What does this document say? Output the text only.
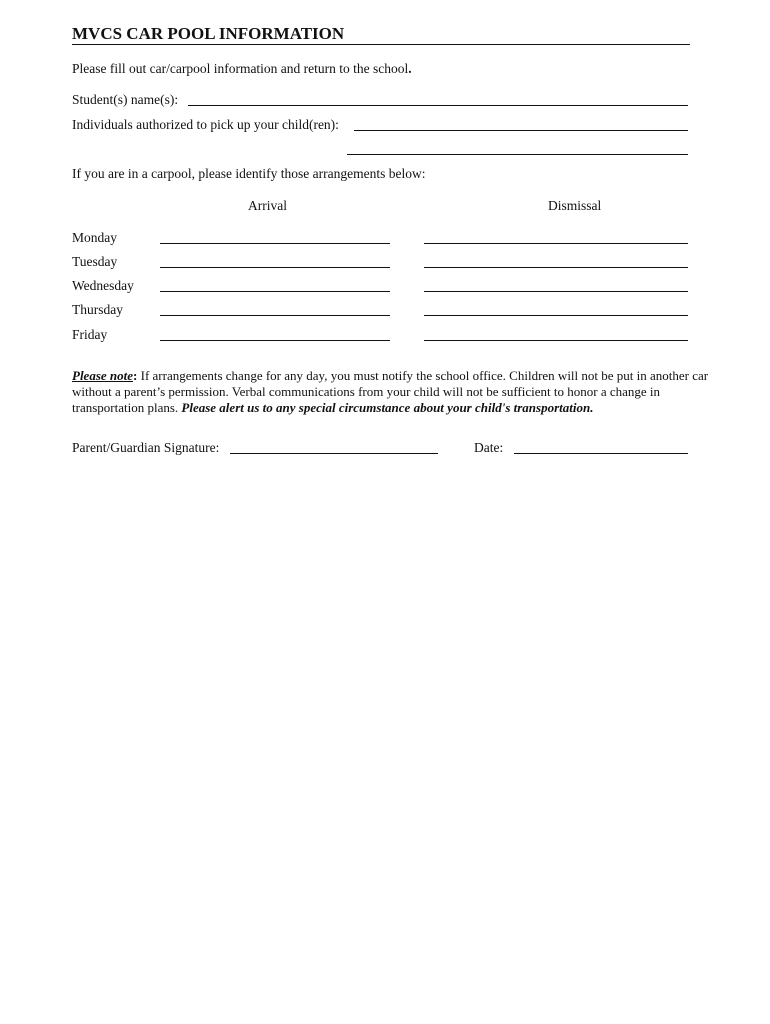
MVCS CAR POOL INFORMATION
Please fill out car/carpool information and return to the school.
Student(s) name(s):
Individuals authorized to pick up your child(ren):
If you are in a carpool, please identify those arrangements below:
Arrival	Dismissal
Monday
Tuesday
Wednesday
Thursday
Friday
Please note: If arrangements change for any day, you must notify the school office. Children will not be put in another car without a parent’s permission. Verbal communications from your child will not be sufficient to honor a change in transportation plans. Please alert us to any special circumstance about your child's transportation.
Parent/Guardian Signature:	Date:
